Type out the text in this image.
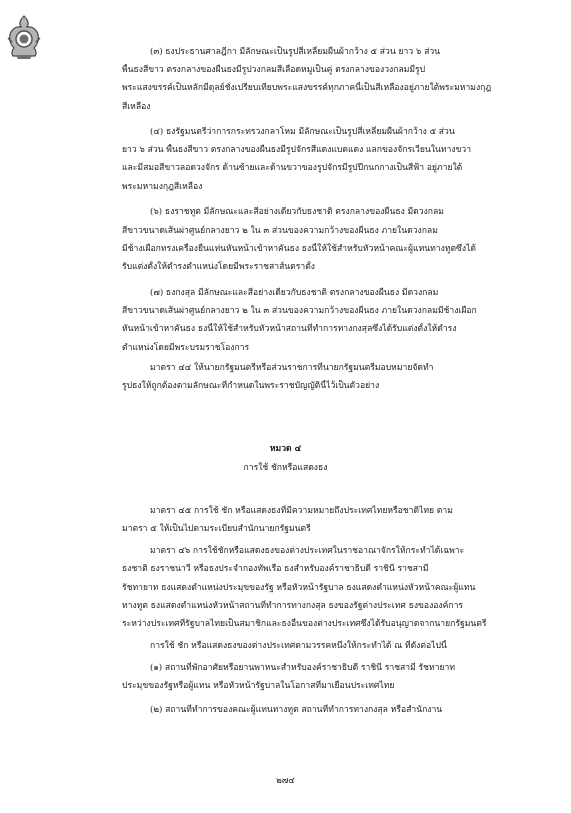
(๓) ธงประธานศาลฎีกา มีลักษณะเป็นรูปสี่เหลี่ยมผืนผ้ากว้าง ๕ ส่วน ยาว ๖ ส่วน
พื้นธงสีขาว ตรงกลางของผืนธงมีรูปวงกลมสีเลือดหมูเป็นคู่ ตรงกลางของวงกลมมีรูป
พระแสงขรรค์เป็นหลักมีดุลย์ชั่งเปรียบเทียบพระแสงขรรค์ทุกภาคนี้เป็นสีเหลืองอยู่ภายใต้พระมหามงกุฎ
สีเหลือง
(๔) ธงรัฐมนตรีว่าการกระทรวงกลาโหม มีลักษณะเป็นรูปสี่เหลี่ยมผืนผ้ากว้าง ๕ ส่วน
ยาว ๖ ส่วน พื้นธงสีขาว ตรงกลางของผืนธงมีรูปจักรสีแดงแบดแดง แลกของจักรเวียนในทางขวา
และมีสมอสีขาวลอดวงจักร ด้านซ้ายและด้านขวาของรูปจักรมีรูปปีกนกกางเป็นสีฟ้า อยู่ภายใต้
พระมหามงกุฎสีเหลือง
(๖) ธงราชทูต มีลักษณะและสีอย่างเดียวกับธงชาติ ตรงกลางของผืนธง มีดวงกลม
สีขาวขนาดเส้นผ่าศูนย์กลางยาว ๒ ใน ๓ ส่วนของความกว้างของผืนธง ภายในดวงกลม
มีช้างเผือกทรงเครื่องยืนแท่นหันหน้าเข้าหาคันธง ธงนี้ให้ใช้สำหรับหัวหน้าคณะผู้แทนทางทูตซึ่งได้
รับแต่งตั้งให้ดำรงตำแหน่งโดยมีพระราชสาส์นตราตั้ง
(๗) ธงกงสุล มีลักษณะและสีอย่างเดียวกับธงชาติ ตรงกลางของผืนธง มีดวงกลม
สีขาวขนาดเส้นผ่าศูนย์กลางยาว ๒ ใน ๓ ส่วนของความกว้างของผืนธง ภายในดวงกลมมีช้างเผือก
หันหน้าเข้าหาคันธง ธงนี้ให้ใช้สำหรับหัวหน้าสถานที่ทำการทางกงสุลซึ่งได้รับแต่งตั้งให้ดำรง
ตำแหน่งโดยมีพระบรมราชโองการ
มาตรา ๔๔ ให้นายกรัฐมนตรีหรือส่วนราชการที่นายกรัฐมนตรีมอบหมายจัดทำ
รูปธงให้ถูกต้องตามลักษณะที่กำหนดในพระราชบัญญัตินี้ไว้เป็นตัวอย่าง
หมวด ๔
การใช้ ชักหรือแสดงธง
มาตรา ๔๕ การใช้ ชัก หรือแสดงธงที่มีความหมายถึงประเทศไทยหรือชาติไทย ตาม
มาตรา ๕ ให้เป็นไปตามระเบียบสำนักนายกรัฐมนตรี
มาตรา ๔๖ การใช้ชักหรือแสดงธงของต่างประเทศในราชอาณาจักรให้กระทำได้เฉพาะ
ธงชาติ ธงราชนาวี หรือธงประจำกองทัพเรือ ธงสำหรับองค์ราชาธิบดี ราชินี ราชสามี
รัชทายาท ธงแสดงตำแหน่งประมุขของรัฐ หรือหัวหน้ารัฐบาล ธงแสดงตำแหน่งหัวหน้าคณะผู้แทน
ทางทูต ธงแสดงตำแหน่งหัวหน้าสถานที่ทำการทางกงสุล ธงของรัฐต่างประเทศ ธงขององค์การ
ระหว่างประเทศที่รัฐบาลไทยเป็นสมาชิกและธงอื่นของต่างประเทศซึ่งได้รับอนุญาตจากนายกรัฐมนตรี
การใช้ ชัก หรือแสดงธงของต่างประเทศตามวรรคหนึ่งให้กระทำได้ ณ ที่ดังต่อไปนี้
(๑) สถานที่พักอาศัยหรือยานพาหนะสำหรับองค์ราชาธิบดี ราชินี ราชสามี รัชทายาท
ประมุขของรัฐหรือผู้แทน หรือหัวหน้ารัฐบาลในโอกาสที่มาเยือนประเทศไทย
(๒) สถานที่ทำการของคณะผู้แทนทางทูต สถานที่ทำการทางกงสุล หรือสำนักงาน
๒๗๔
